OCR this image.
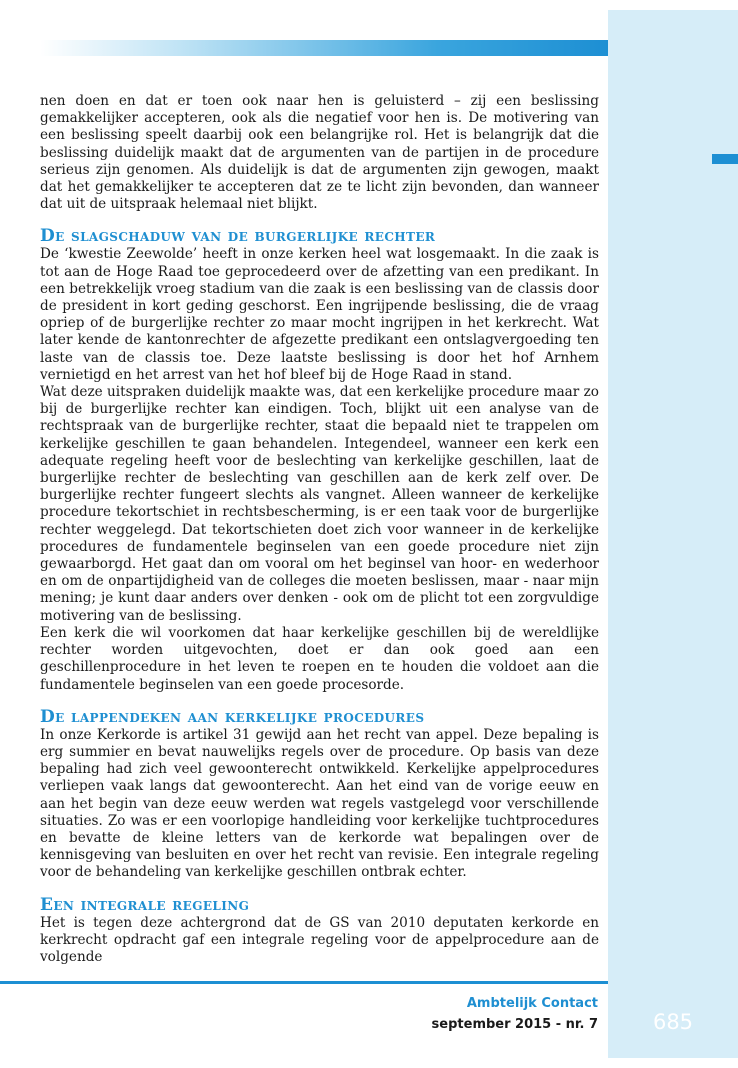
nen doen en dat er toen ook naar hen is geluisterd – zij een beslissing gemakkelijker accepteren, ook als die negatief voor hen is. De motivering van een beslissing speelt daarbij ook een belangrijke rol. Het is belangrijk dat die beslissing duidelijk maakt dat de argumenten van de partijen in de procedure serieus zijn genomen. Als duidelijk is dat de argumenten zijn gewogen, maakt dat het gemakkelijker te accepteren dat ze te licht zijn bevonden, dan wanneer dat uit de uitspraak helemaal niet blijkt.

De slagschaduw van de burgerlijke rechter

De ‘kwestie Zeewolde’ heeft in onze kerken heel wat losgemaakt. In die zaak is tot aan de Hoge Raad toe geprocedeerd over de afzetting van een predikant. In een betrekkelijk vroeg stadium van die zaak is een beslissing van de classis door de president in kort geding geschorst. Een ingrijpende beslissing, die de vraag opriep of de burgerlijke rechter zo maar mocht ingrijpen in het kerkrecht. Wat later kende de kantonrechter de afgezette predikant een ontslagvergoeding ten laste van de classis toe. Deze laatste beslissing is door het hof Arnhem vernietigd en het arrest van het hof bleef bij de Hoge Raad in stand.

Wat deze uitspraken duidelijk maakte was, dat een kerkelijke procedure maar zo bij de burgerlijke rechter kan eindigen. Toch, blijkt uit een analyse van de rechtspraak van de burgerlijke rechter, staat die bepaald niet te trappelen om kerkelijke geschillen te gaan behandelen. Integendeel, wanneer een kerk een adequate regeling heeft voor de beslechting van kerkelijke geschillen, laat de burgerlijke rechter de beslechting van geschillen aan de kerk zelf over. De burgerlijke rechter fungeert slechts als vangnet. Alleen wanneer de kerkelijke procedure tekortschiet in rechtsbescherming, is er een taak voor de burgerlijke rechter weggelegd. Dat tekortschieten doet zich voor wanneer in de kerkelijke procedures de fundamentele beginselen van een goede procedure niet zijn gewaarborgd. Het gaat dan om vooral om het beginsel van hoor- en wederhoor en om de onpartijdigheid van de colleges die moeten beslissen, maar - naar mijn mening; je kunt daar anders over denken - ook om de plicht tot een zorgvuldige motivering van de beslissing.

Een kerk die wil voorkomen dat haar kerkelijke geschillen bij de wereldlijke rechter worden uitgevochten, doet er dan ook goed aan een geschillenprocedure in het leven te roepen en te houden die voldoet aan die fundamentele beginselen van een goede procesorde.

De lappendeken aan kerkelijke procedures

In onze Kerkorde is artikel 31 gewijd aan het recht van appel. Deze bepaling is erg summier en bevat nauwelijks regels over de procedure. Op basis van deze bepaling had zich veel gewoonterecht ontwikkeld. Kerkelijke appelprocedures verliepen vaak langs dat gewoonterecht. Aan het eind van de vorige eeuw en aan het begin van deze eeuw werden wat regels vastgelegd voor verschillende situaties. Zo was er een voorlopige handleiding voor kerkelijke tuchtprocedures en bevatte de kleine letters van de kerkorde wat bepalingen over de kennisgeving van besluiten en over het recht van revisie. Een integrale regeling voor de behandeling van kerkelijke geschillen ontbrak echter.

Een integrale regeling

Het is tegen deze achtergrond dat de GS van 2010 deputaten kerkorde en kerkrecht opdracht gaf een integrale regeling voor de appelprocedure aan de volgende

Ambtelijk Contact
september 2015 - nr. 7	685
